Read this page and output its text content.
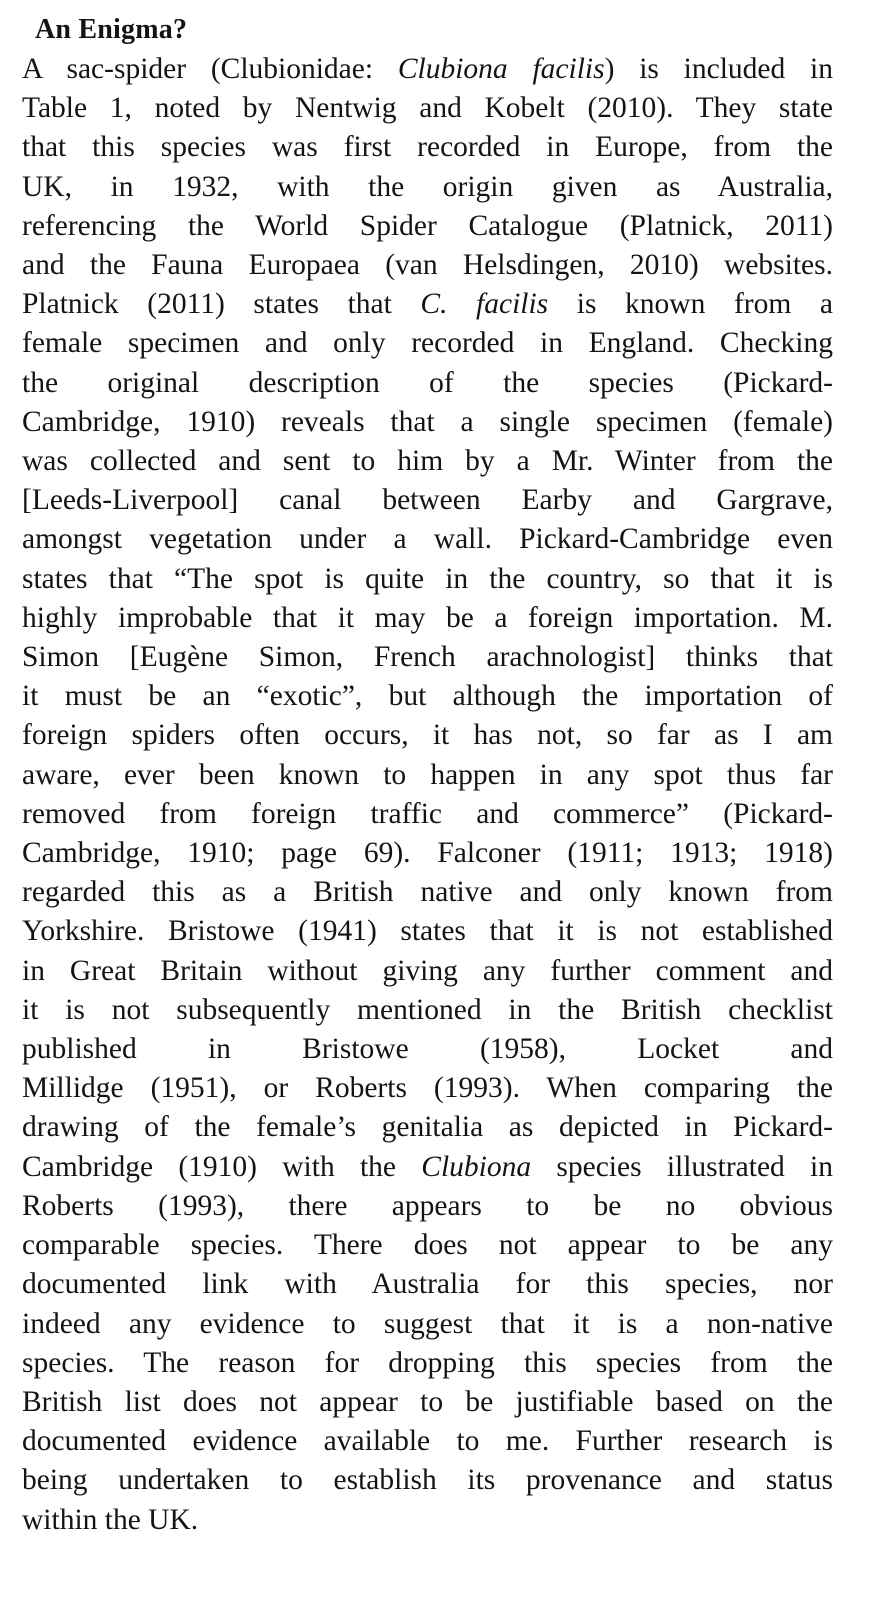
An Enigma?
A sac-spider (Clubionidae: Clubiona facilis) is included in
Table 1, noted by Nentwig and Kobelt (2010). They state
that this species was first recorded in Europe, from the
UK, in 1932, with the origin given as Australia,
referencing the World Spider Catalogue (Platnick, 2011)
and the Fauna Europaea (van Helsdingen, 2010) websites.
Platnick (2011) states that C. facilis is known from a
female specimen and only recorded in England. Checking
the original description of the species (Pickard-
Cambridge, 1910) reveals that a single specimen (female)
was collected and sent to him by a Mr. Winter from the
[Leeds-Liverpool] canal between Earby and Gargrave,
amongst vegetation under a wall. Pickard-Cambridge even
states that “The spot is quite in the country, so that it is
highly improbable that it may be a foreign importation. M.
Simon [Eugène Simon, French arachnologist] thinks that
it must be an “exotic”, but although the importation of
foreign spiders often occurs, it has not, so far as I am
aware, ever been known to happen in any spot thus far
removed from foreign traffic and commerce” (Pickard-
Cambridge, 1910; page 69). Falconer (1911; 1913; 1918)
regarded this as a British native and only known from
Yorkshire. Bristowe (1941) states that it is not established
in Great Britain without giving any further comment and
it is not subsequently mentioned in the British checklist
published in Bristowe (1958), Locket and
Millidge (1951), or Roberts (1993). When comparing the
drawing of the female’s genitalia as depicted in Pickard-
Cambridge (1910) with the Clubiona species illustrated in
Roberts (1993), there appears to be no obvious
comparable species. There does not appear to be any
documented link with Australia for this species, nor
indeed any evidence to suggest that it is a non-native
species. The reason for dropping this species from the
British list does not appear to be justifiable based on the
documented evidence available to me. Further research is
being undertaken to establish its provenance and status
within the UK.
